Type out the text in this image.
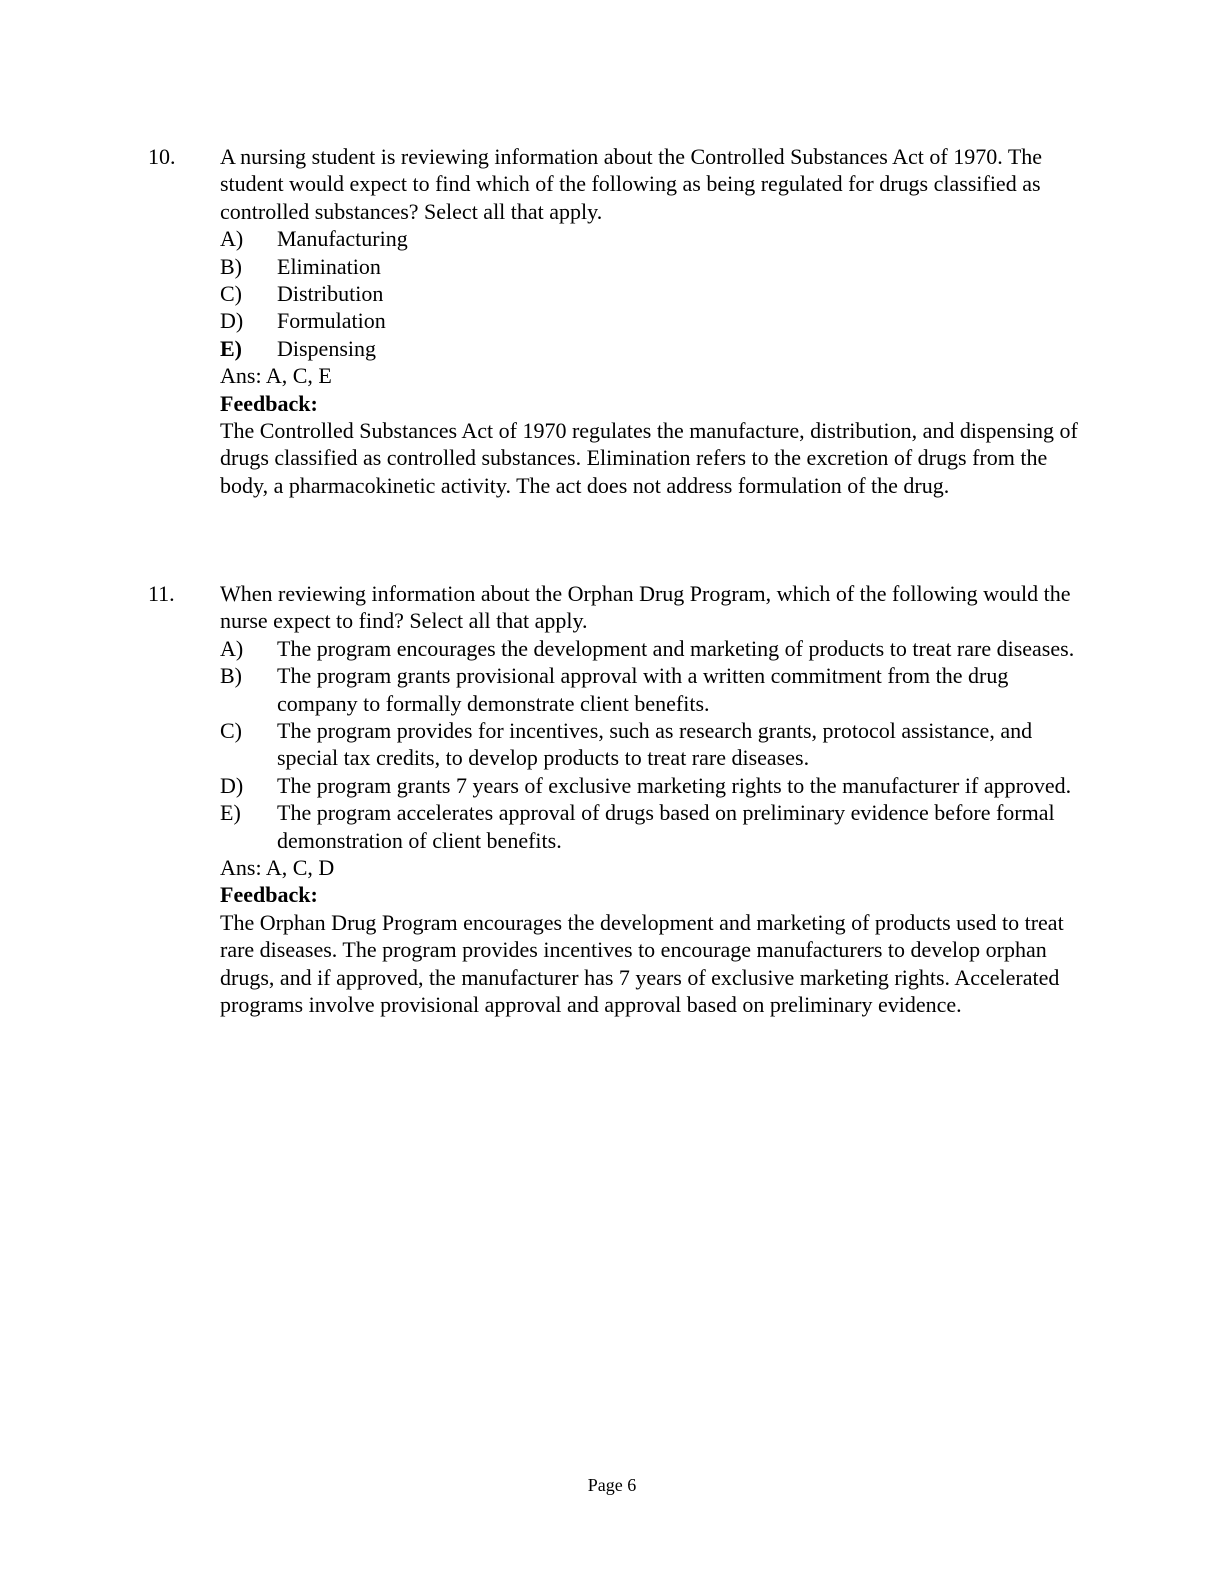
10. A nursing student is reviewing information about the Controlled Substances Act of 1970. The student would expect to find which of the following as being regulated for drugs classified as controlled substances? Select all that apply.
A)	Manufacturing
B)	Elimination
C)	Distribution
D)	Formulation
E)	Dispensing
Ans: A, C, E
Feedback:
The Controlled Substances Act of 1970 regulates the manufacture, distribution, and dispensing of drugs classified as controlled substances. Elimination refers to the excretion of drugs from the body, a pharmacokinetic activity. The act does not address formulation of the drug.
11. When reviewing information about the Orphan Drug Program, which of the following would the nurse expect to find? Select all that apply.
A)	The program encourages the development and marketing of products to treat rare diseases.
B)	The program grants provisional approval with a written commitment from the drug company to formally demonstrate client benefits.
C)	The program provides for incentives, such as research grants, protocol assistance, and special tax credits, to develop products to treat rare diseases.
D)	The program grants 7 years of exclusive marketing rights to the manufacturer if approved.
E)	The program accelerates approval of drugs based on preliminary evidence before formal demonstration of client benefits.
Ans: A, C, D
Feedback:
The Orphan Drug Program encourages the development and marketing of products used to treat rare diseases. The program provides incentives to encourage manufacturers to develop orphan drugs, and if approved, the manufacturer has 7 years of exclusive marketing rights. Accelerated programs involve provisional approval and approval based on preliminary evidence.
Page 6
